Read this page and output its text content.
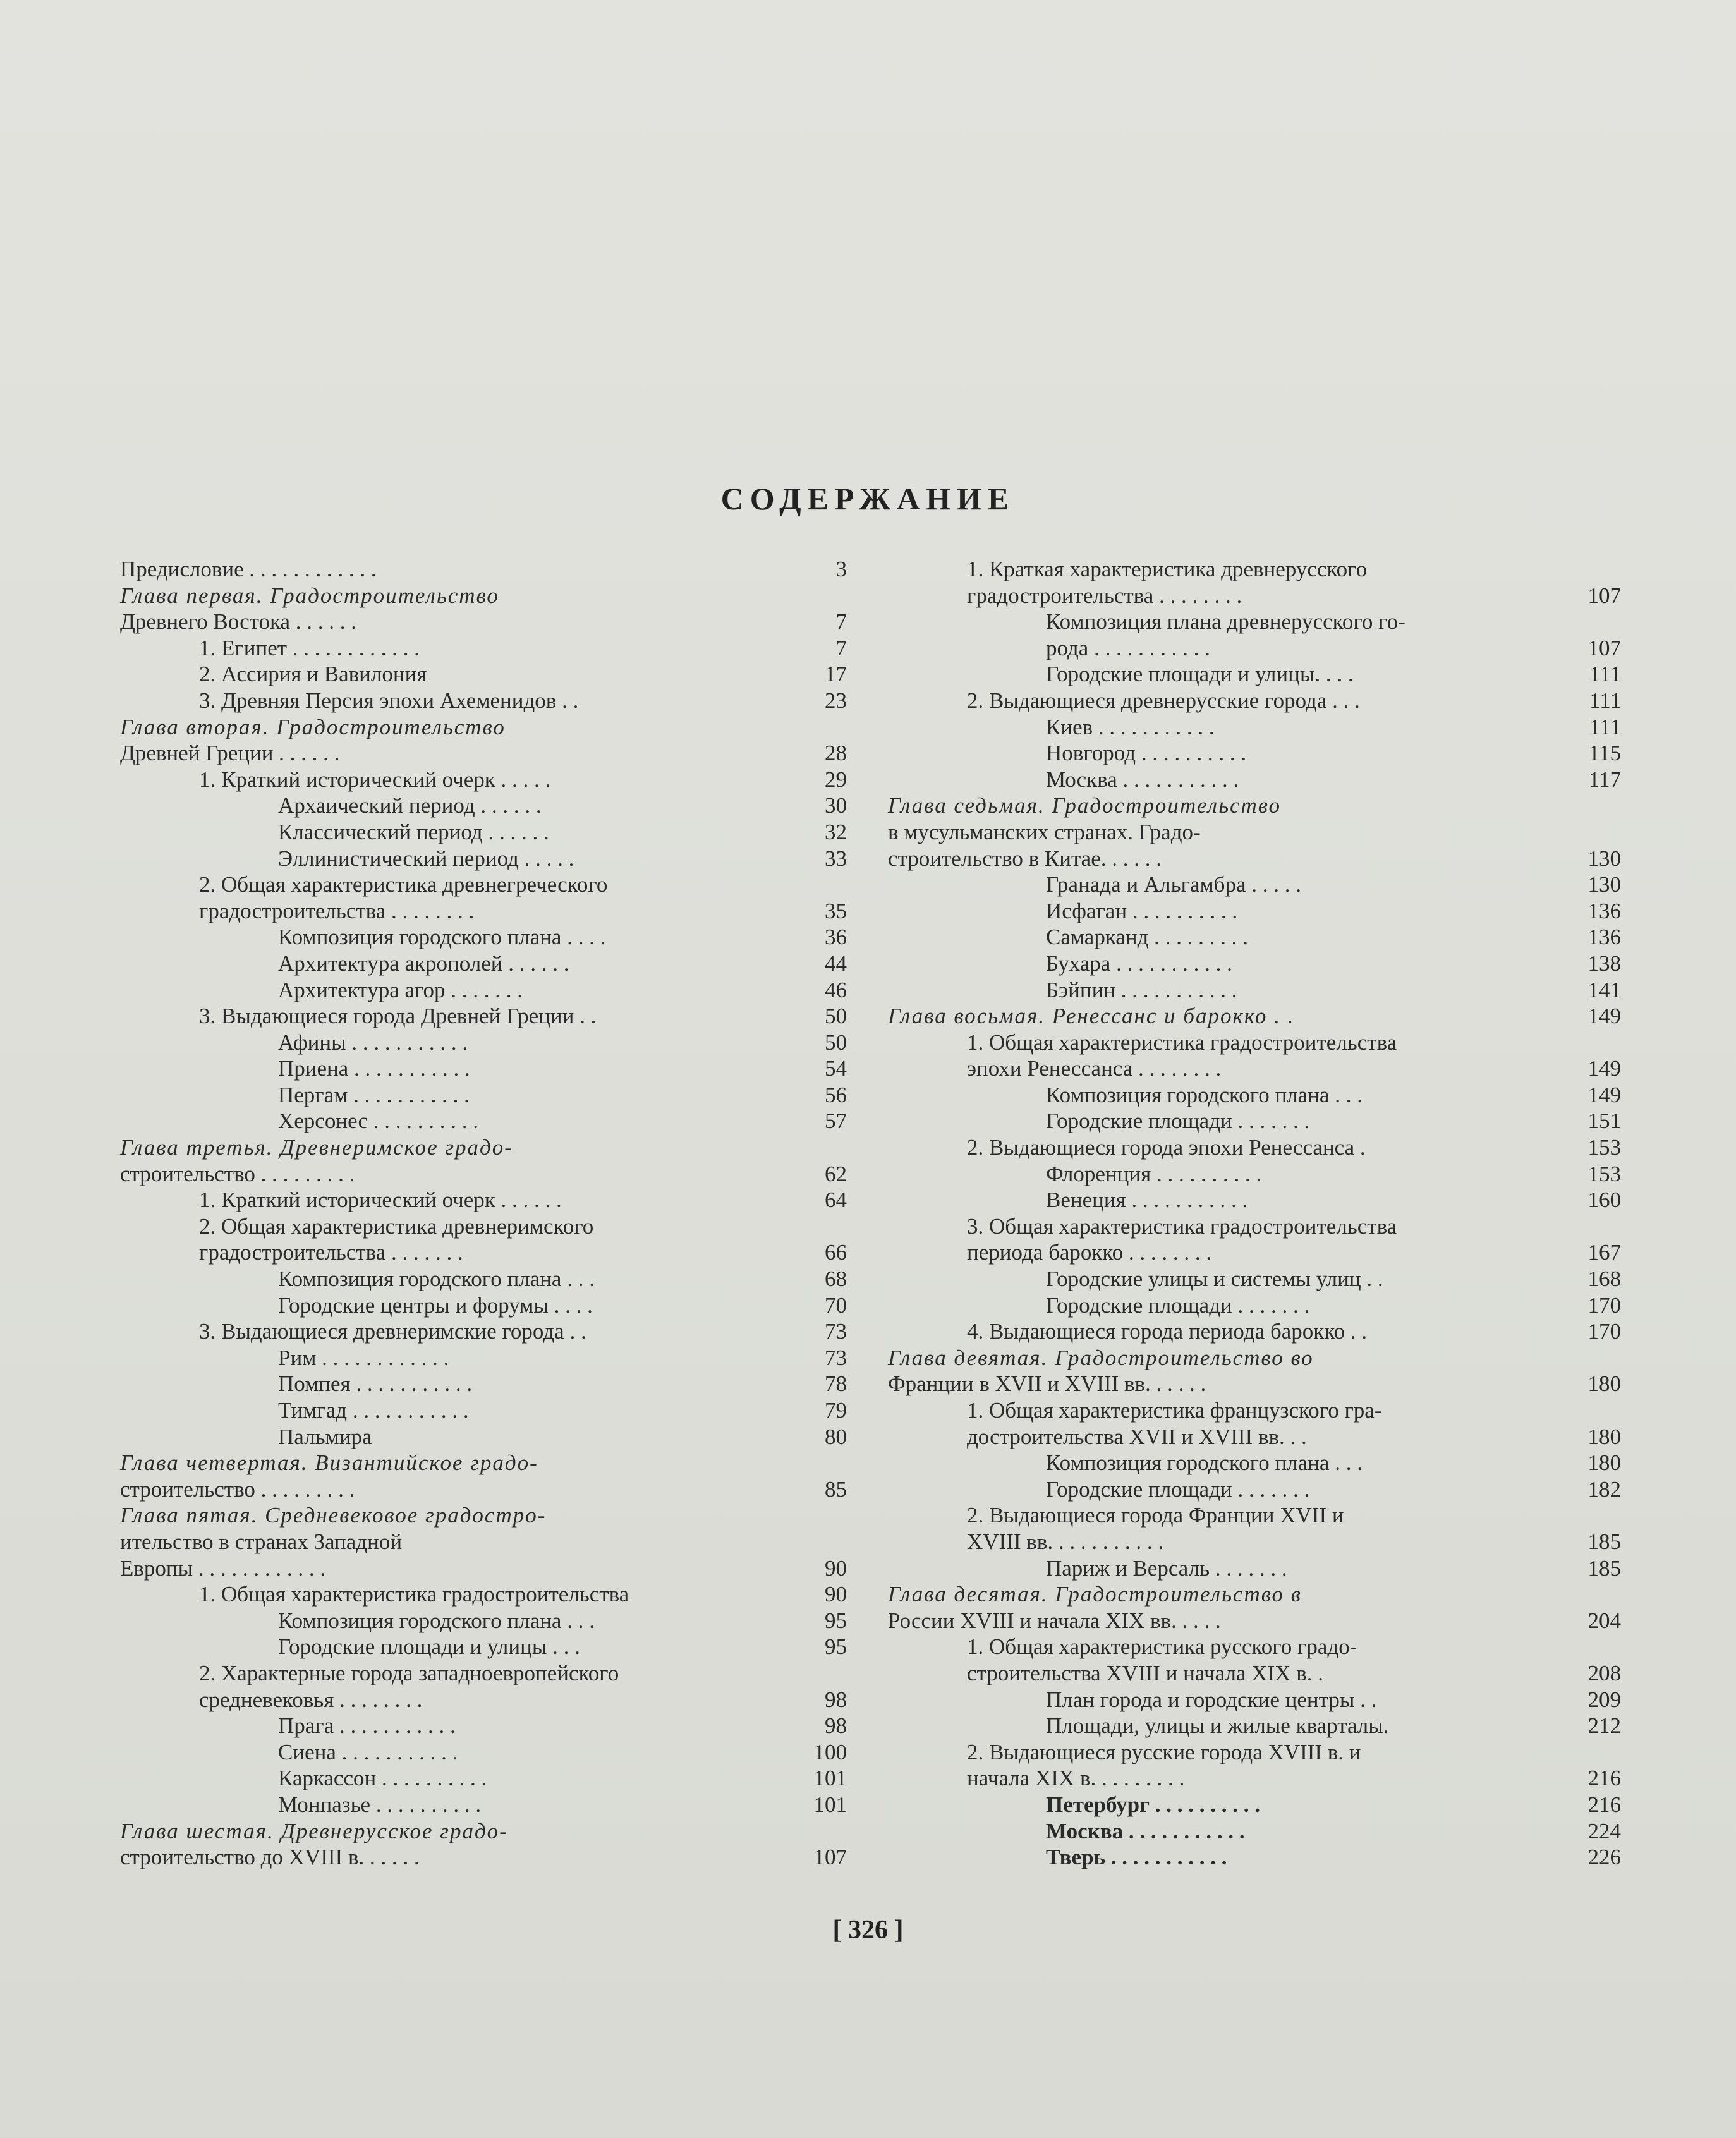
СОДЕРЖАНИЕ
Предисловие . . . . . . . . . . . .	3
Глава первая. Градостроительство
Древнего Востока . . . . . .	7
1. Египет . . . . . . . . . . . .	7
2. Ассирия и Вавилония	17
3. Древняя Персия эпохи Ахеменидов . .	23
Глава вторая. Градостроительство
Древней Греции . . . . . .	28
1. Краткий исторический очерк . . . . .	29
Архаический период . . . . . .	30
Классический период . . . . . .	32
Эллинистический период . . . . .	33
2. Общая характеристика древнегреческого
градостроительства . . . . . . . .	35
Композиция городского плана . . . .	36
Архитектура акрополей . . . . . .	44
Архитектура агор . . . . . . .	46
3. Выдающиеся города Древней Греции . .	50
Афины . . . . . . . . . . .	50
Приена . . . . . . . . . . .	54
Пергам . . . . . . . . . . .	56
Херсонес . . . . . . . . . .	57
Глава третья. Древнеримское градо-
строительство . . . . . . . . .	62
1. Краткий исторический очерк . . . . . .	64
2. Общая характеристика древнеримского
градостроительства . . . . . . .	66
Композиция городского плана . . .	68
Городские центры и форумы . . . .	70
3. Выдающиеся древнеримские города . .	73
Рим . . . . . . . . . . . .	73
Помпея . . . . . . . . . . .	78
Тимгад . . . . . . . . . . .	79
Пальмира	80
Глава четвертая. Византийское градо-
строительство . . . . . . . . .	85
Глава пятая. Средневековое градостро-
ительство в странах Западной
Европы . . . . . . . . . . . .	90
1. Общая характеристика градостроительства	90
Композиция городского плана . . .	95
Городские площади и улицы . . .	95
2. Характерные города западноевропейского
средневековья . . . . . . . .	98
Прага . . . . . . . . . . .	98
Сиена . . . . . . . . . . .	100
Каркассон . . . . . . . . . .	101
Монпазье . . . . . . . . . .	101
Глава шестая. Древнерусское градо-
строительство до XVIII в. . . . . .	107
1. Краткая характеристика древнерусского
градостроительства . . . . . . . .	107
Композиция плана древнерусского го-
рода . . . . . . . . . . .	107
Городские площади и улицы. . . .	111
2. Выдающиеся древнерусские города . . .	111
Киев . . . . . . . . . . .	111
Новгород . . . . . . . . . .	115
Москва . . . . . . . . . . .	117
Глава седьмая. Градостроительство
в мусульманских странах. Градо-
строительство в Китае. . . . . .	130
Гранада и Альгамбра . . . . .	130
Исфаган . . . . . . . . . .	136
Самарканд . . . . . . . . .	136
Бухара . . . . . . . . . . .	138
Бэйпин . . . . . . . . . . .	141
Глава восьмая. Ренессанс и барокко . .	149
1. Общая характеристика градостроительства
эпохи Ренессанса . . . . . . . .	149
Композиция городского плана . . .	149
Городские площади . . . . . . .	151
2. Выдающиеся города эпохи Ренессанса .	153
Флоренция . . . . . . . . . .	153
Венеция . . . . . . . . . . .	160
3. Общая характеристика градостроительства
периода барокко . . . . . . . .	167
Городские улицы и системы улиц . .	168
Городские площади . . . . . . .	170
4. Выдающиеся города периода барокко . .	170
Глава девятая. Градостроительство во
Франции в XVII и XVIII вв. . . . . .	180
1. Общая характеристика французского гра-
достроительства XVII и XVIII вв. . .	180
Композиция городского плана . . .	180
Городские площади . . . . . . .	182
2. Выдающиеся города Франции XVII и
XVIII вв. . . . . . . . . . .	185
Париж и Версаль . . . . . . .	185
Глава десятая. Градостроительство в
России XVIII и начала XIX вв. . . . .	204
1. Общая характеристика русского градо-
строительства XVIII и начала XIX в. .	208
План города и городские центры . .	209
Площади, улицы и жилые кварталы.	212
2. Выдающиеся русские города XVIII в. и
начала XIX в. . . . . . . . .	216
Петербург . . . . . . . . . .	216
Москва . . . . . . . . . . .	224
Тверь . . . . . . . . . . .	226
[ 326 ]
